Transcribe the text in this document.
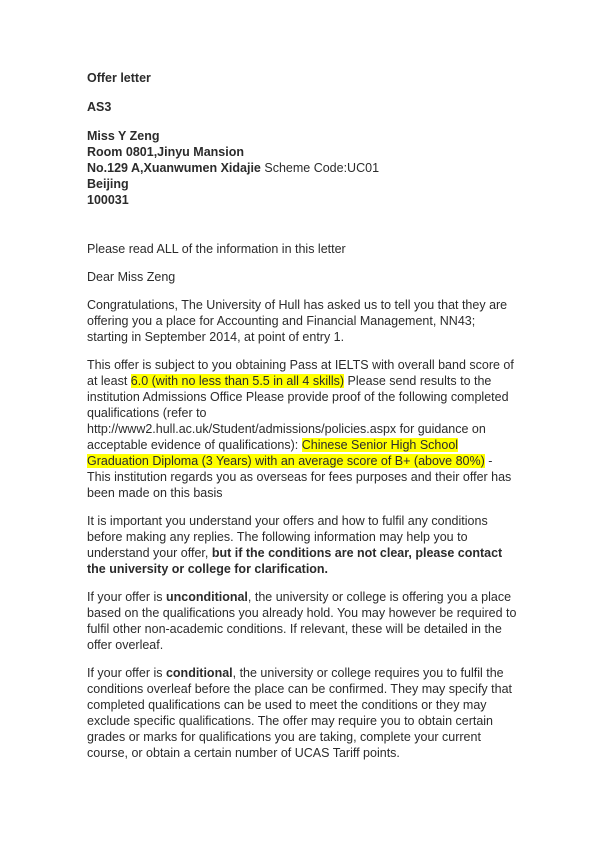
Offer letter
AS3
Miss Y Zeng
Room 0801,Jinyu Mansion
No.129 A,Xuanwumen Xidajie Scheme Code:UC01
Beijing
100031

Please read ALL of the information in this letter

Dear Miss Zeng

Congratulations, The University of Hull has asked us to tell you that they are offering you a place for Accounting and Financial Management, NN43; starting in September 2014, at point of entry 1.

This offer is subject to you obtaining Pass at IELTS with overall band score of at least 6.0 (with no less than 5.5 in all 4 skills) Please send results to the institution Admissions Office Please provide proof of the following completed qualifications (refer to http://www2.hull.ac.uk/Student/admissions/policies.aspx for guidance on acceptable evidence of qualifications): Chinese Senior High School Graduation Diploma (3 Years) with an average score of B+ (above 80%) - This institution regards you as overseas for fees purposes and their offer has been made on this basis

It is important you understand your offers and how to fulfil any conditions before making any replies. The following information may help you to understand your offer, but if the conditions are not clear, please contact the university or college for clarification.

If your offer is unconditional, the university or college is offering you a place based on the qualifications you already hold. You may however be required to fulfil other non-academic conditions. If relevant, these will be detailed in the offer overleaf.

If your offer is conditional, the university or college requires you to fulfil the conditions overleaf before the place can be confirmed. They may specify that completed qualifications can be used to meet the conditions or they may exclude specific qualifications. The offer may require you to obtain certain grades or marks for qualifications you are taking, complete your current course, or obtain a certain number of UCAS Tariff points.
